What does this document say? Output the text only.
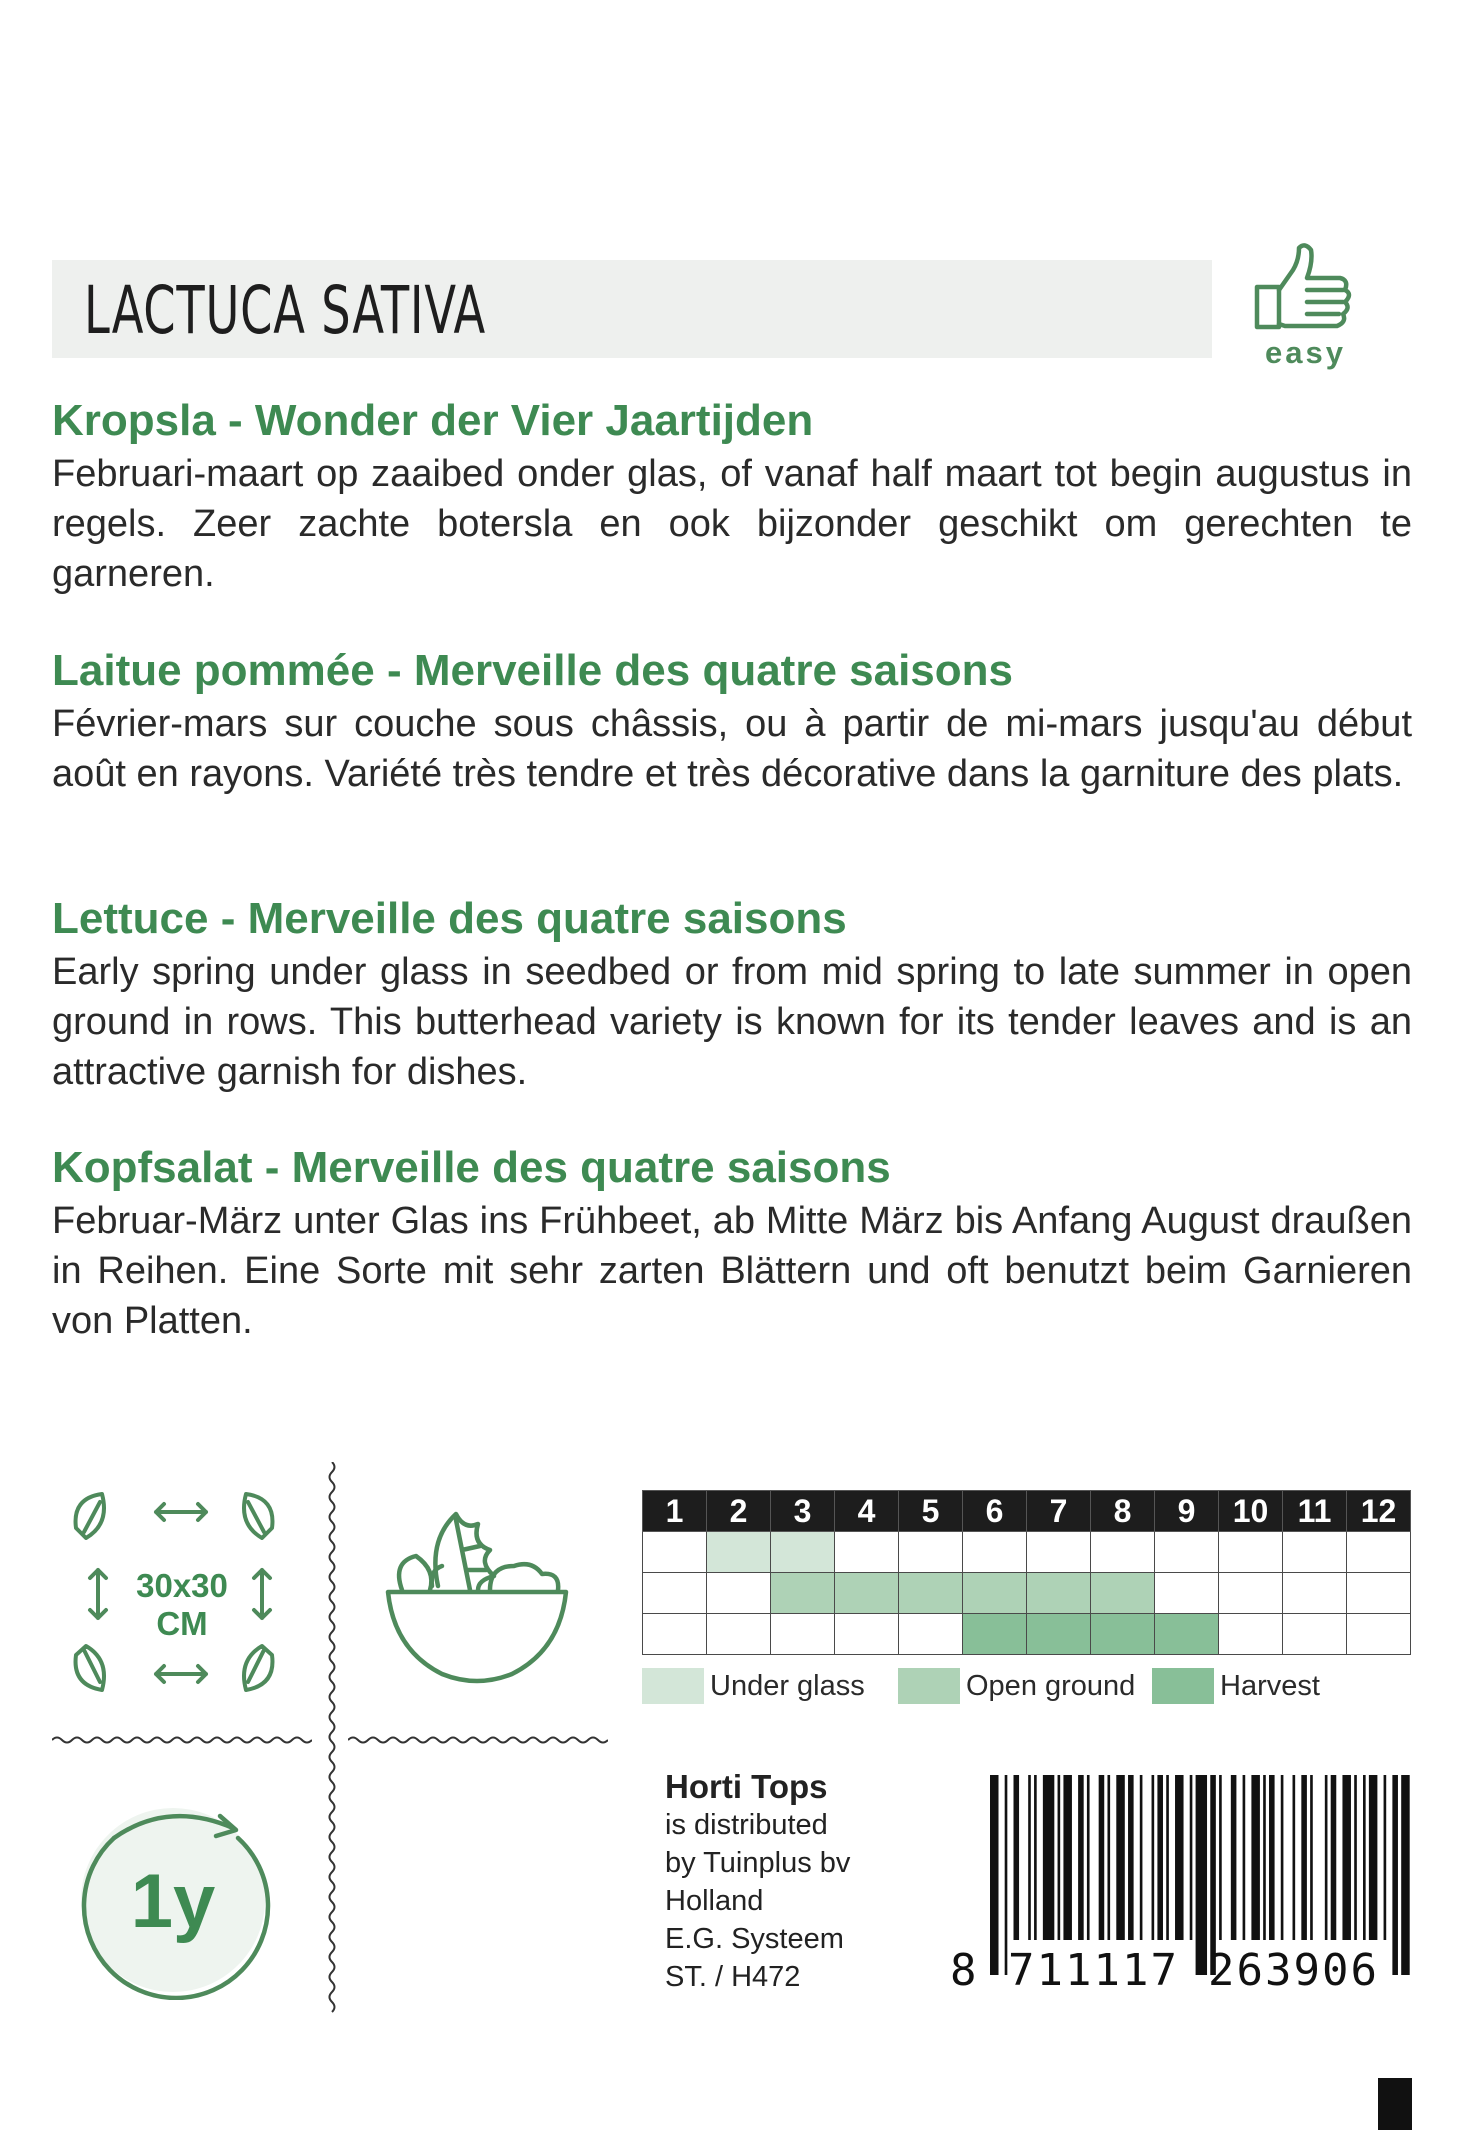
LACTUCA SATIVA
easy

Kropsla - Wonder der Vier Jaartijden

Februari-maart op zaaibed onder glas, of vanaf half maart tot begin augustus in regels. Zeer zachte botersla en ook bijzonder geschikt om gerechten te garneren.

Laitue pommée - Merveille des quatre saisons

Février-mars sur couche sous châssis, ou à partir de mi-mars jusqu'au début août en rayons. Variété très tendre et très décorative dans la garniture des plats.

Lettuce - Merveille des quatre saisons

Early spring under glass in seedbed or from mid spring to late summer in open ground in rows. This butterhead variety is known for its tender leaves and is an attractive garnish for dishes.

Kopfsalat - Merveille des quatre saisons

Februar-März unter Glas ins Frühbeet, ab Mitte März bis Anfang August draußen in Reihen. Eine Sorte mit sehr zarten Blättern und oft benutzt beim Garnieren von Platten.

30x30
CM
1y
1	2	3	4	5	6	7	8	9	10	11	12

Under glass	Open ground	Harvest
Horti Tops
is distributed
by Tuinplus bv
Holland
E.G. Systeem
ST. / H472	8 711117 263906
